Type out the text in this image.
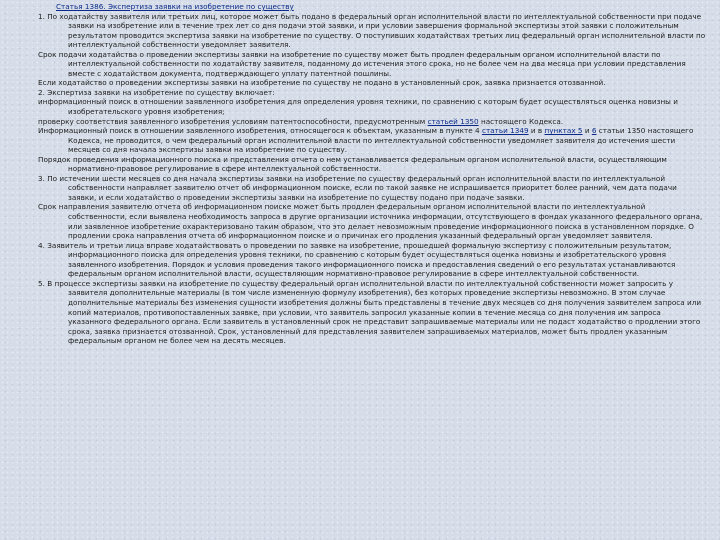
Статья 1386. Экспертиза заявки на изобретение по существу

1. По ходатайству заявителя или третьих лиц, которое может быть подано в федеральный орган исполнительной власти по интеллектуальной собственности при подаче заявки на изобретение или в течение трех лет со дня подачи этой заявки, и при условии завершения формальной экспертизы этой заявки с положительным результатом проводится экспертиза заявки на изобретение по существу. О поступивших ходатайствах третьих лиц федеральный орган исполнительной власти по интеллектуальной собственности уведомляет заявителя.

Срок подачи ходатайства о проведении экспертизы заявки на изобретение по существу может быть продлен федеральным органом исполнительной власти по интеллектуальной собственности по ходатайству заявителя, поданному до истечения этого срока, но не более чем на два месяца при условии представления вместе с ходатайством документа, подтверждающего уплату патентной пошлины.

Если ходатайство о проведении экспертизы заявки на изобретение по существу не подано в установленный срок, заявка признается отозванной.

2. Экспертиза заявки на изобретение по существу включает:

информационный поиск в отношении заявленного изобретения для определения уровня техники, по сравнению с которым будет осуществляться оценка новизны и изобретательского уровня изобретения;

проверку соответствия заявленного изобретения условиям патентоспособности, предусмотренным статьей 1350 настоящего Кодекса.

Информационный поиск в отношении заявленного изобретения, относящегося к объектам, указанным в пункте 4 статьи 1349 и в пунктах 5 и 6 статьи 1350 настоящего Кодекса, не проводится, о чем федеральный орган исполнительной власти по интеллектуальной собственности уведомляет заявителя до истечения шести месяцев со дня начала экспертизы заявки на изобретение по существу.

Порядок проведения информационного поиска и представления отчета о нем устанавливается федеральным органом исполнительной власти, осуществляющим нормативно-правовое регулирование в сфере интеллектуальной собственности.

3. По истечении шести месяцев со дня начала экспертизы заявки на изобретение по существу федеральный орган исполнительной власти по интеллектуальной собственности направляет заявителю отчет об информационном поиске, если по такой заявке не испрашивается приоритет более ранний, чем дата подачи заявки, и если ходатайство о проведении экспертизы заявки на изобретение по существу подано при подаче заявки.

Срок направления заявителю отчета об информационном поиске может быть продлен федеральным органом исполнительной власти по интеллектуальной собственности, если выявлена необходимость запроса в другие организации источника информации, отсутствующего в фондах указанного федерального органа, или заявленное изобретение охарактеризовано таким образом, что это делает невозможным проведение информационного поиска в установленном порядке. О продлении срока направления отчета об информационном поиске и о причинах его продления указанный федеральный орган уведомляет заявителя.

4. Заявитель и третьи лица вправе ходатайствовать о проведении по заявке на изобретение, прошедшей формальную экспертизу с положительным результатом, информационного поиска для определения уровня техники, по сравнению с которым будет осуществляться оценка новизны и изобретательского уровня заявленного изобретения. Порядок и условия проведения такого информационного поиска и предоставления сведений о его результатах устанавливаются федеральным органом исполнительной власти, осуществляющим нормативно-правовое регулирование в сфере интеллектуальной собственности.

5. В процессе экспертизы заявки на изобретение по существу федеральный орган исполнительной власти по интеллектуальной собственности может запросить у заявителя дополнительные материалы (в том числе измененную формулу изобретения), без которых проведение экспертизы невозможно. В этом случае дополнительные материалы без изменения сущности изобретения должны быть представлены в течение двух месяцев со дня получения заявителем запроса или копий материалов, противопоставленных заявке, при условии, что заявитель запросил указанные копии в течение месяца со дня получения им запроса указанного федерального органа. Если заявитель в установленный срок не представит запрашиваемые материалы или не подаст ходатайство о продлении этого срока, заявка признается отозванной. Срок, установленный для представления заявителем запрашиваемых материалов, может быть продлен указанным федеральным органом не более чем на десять месяцев.
